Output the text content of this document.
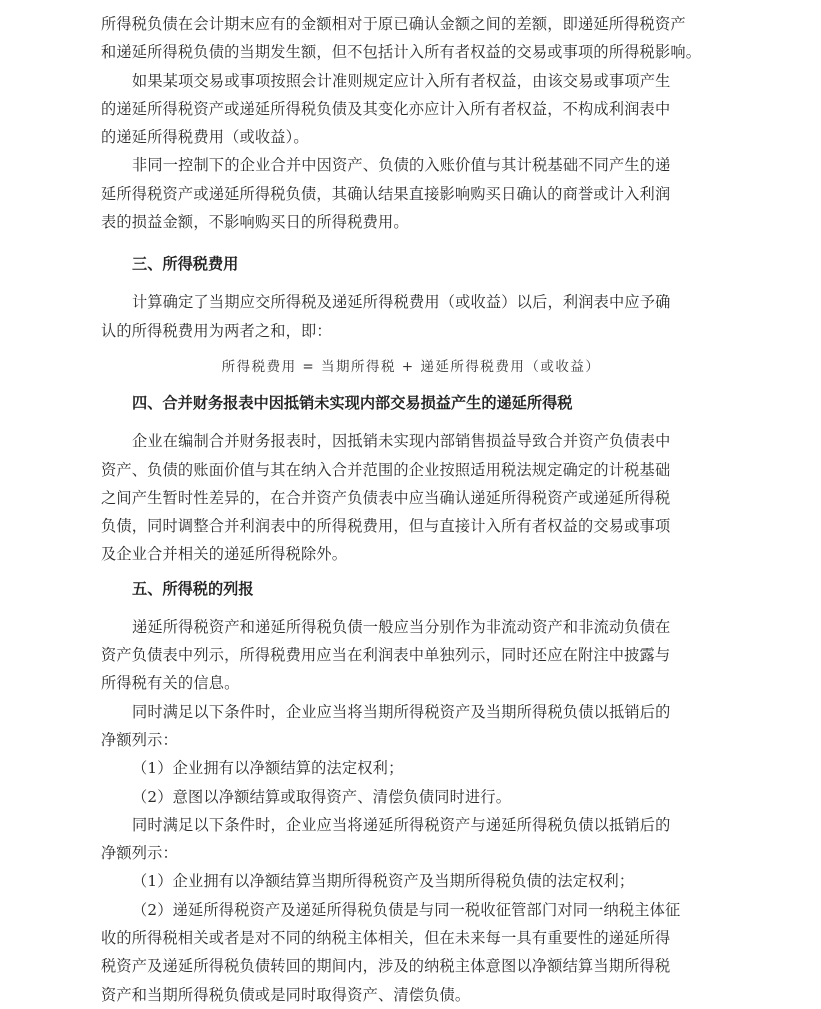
所得税负债在会计期末应有的金额相对于原已确认金额之间的差额，即递延所得税资产
和递延所得税负债的当期发生额，但不包括计入所有者权益的交易或事项的所得税影响。
如果某项交易或事项按照会计准则规定应计入所有者权益，由该交易或事项产生
的递延所得税资产或递延所得税负债及其变化亦应计入所有者权益，不构成利润表中
的递延所得税费用（或收益）。
非同一控制下的企业合并中因资产、负债的入账价值与其计税基础不同产生的递
延所得税资产或递延所得税负债，其确认结果直接影响购买日确认的商誉或计入利润
表的损益金额，不影响购买日的所得税费用。
三、所得税费用
计算确定了当期应交所得税及递延所得税费用（或收益）以后，利润表中应予确
认的所得税费用为两者之和，即：
所得税费用 = 当期所得税 + 递延所得税费用（或收益）
四、合并财务报表中因抵销未实现内部交易损益产生的递延所得税
企业在编制合并财务报表时，因抵销未实现内部销售损益导致合并资产负债表中
资产、负债的账面价值与其在纳入合并范围的企业按照适用税法规定确定的计税基础
之间产生暂时性差异的，在合并资产负债表中应当确认递延所得税资产或递延所得税
负债，同时调整合并利润表中的所得税费用，但与直接计入所有者权益的交易或事项
及企业合并相关的递延所得税除外。
五、所得税的列报
递延所得税资产和递延所得税负债一般应当分别作为非流动资产和非流动负债在
资产负债表中列示，所得税费用应当在利润表中单独列示，同时还应在附注中披露与
所得税有关的信息。
同时满足以下条件时，企业应当将当期所得税资产及当期所得税负债以抵销后的
净额列示：
（1）企业拥有以净额结算的法定权利；
（2）意图以净额结算或取得资产、清偿负债同时进行。
同时满足以下条件时，企业应当将递延所得税资产与递延所得税负债以抵销后的
净额列示：
（1）企业拥有以净额结算当期所得税资产及当期所得税负债的法定权利；
（2）递延所得税资产及递延所得税负债是与同一税收征管部门对同一纳税主体征
收的所得税相关或者是对不同的纳税主体相关，但在未来每一具有重要性的递延所得
税资产及递延所得税负债转回的期间内，涉及的纳税主体意图以净额结算当期所得税
资产和当期所得税负债或是同时取得资产、清偿负债。
